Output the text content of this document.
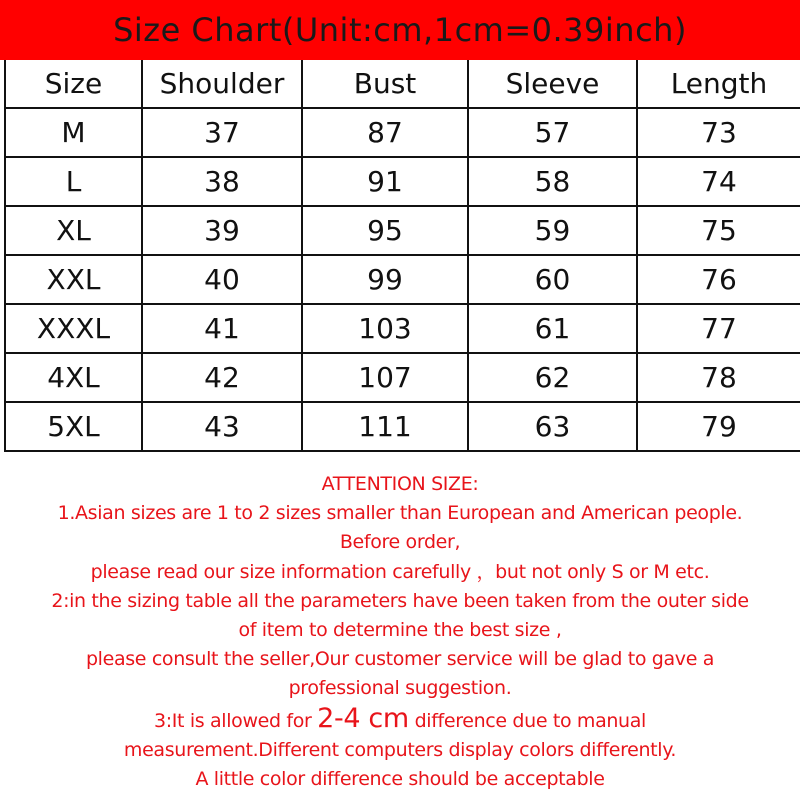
Size Chart(Unit:cm,1cm=0.39inch)
Size	Shoulder	Bust	Sleeve	Length
M	37	87	57	73
L	38	91	58	74
XL	39	95	59	75
XXL	40	99	60	76
XXXL	41	103	61	77
4XL	42	107	62	78
5XL	43	111	63	79
ATTENTION SIZE:
1.Asian sizes are 1 to 2 sizes smaller than European and American people.
Before order,
please read our size information carefully ，but not only S or M etc.
2:in the sizing table all the parameters have been taken from the outer side
of item to determine the best size ,
please consult the seller,Our customer service will be glad to gave a
professional suggestion.
3:It is allowed for 2-4 cm difference due to manual
measurement.Different computers display colors differently.
A little color difference should be acceptable
